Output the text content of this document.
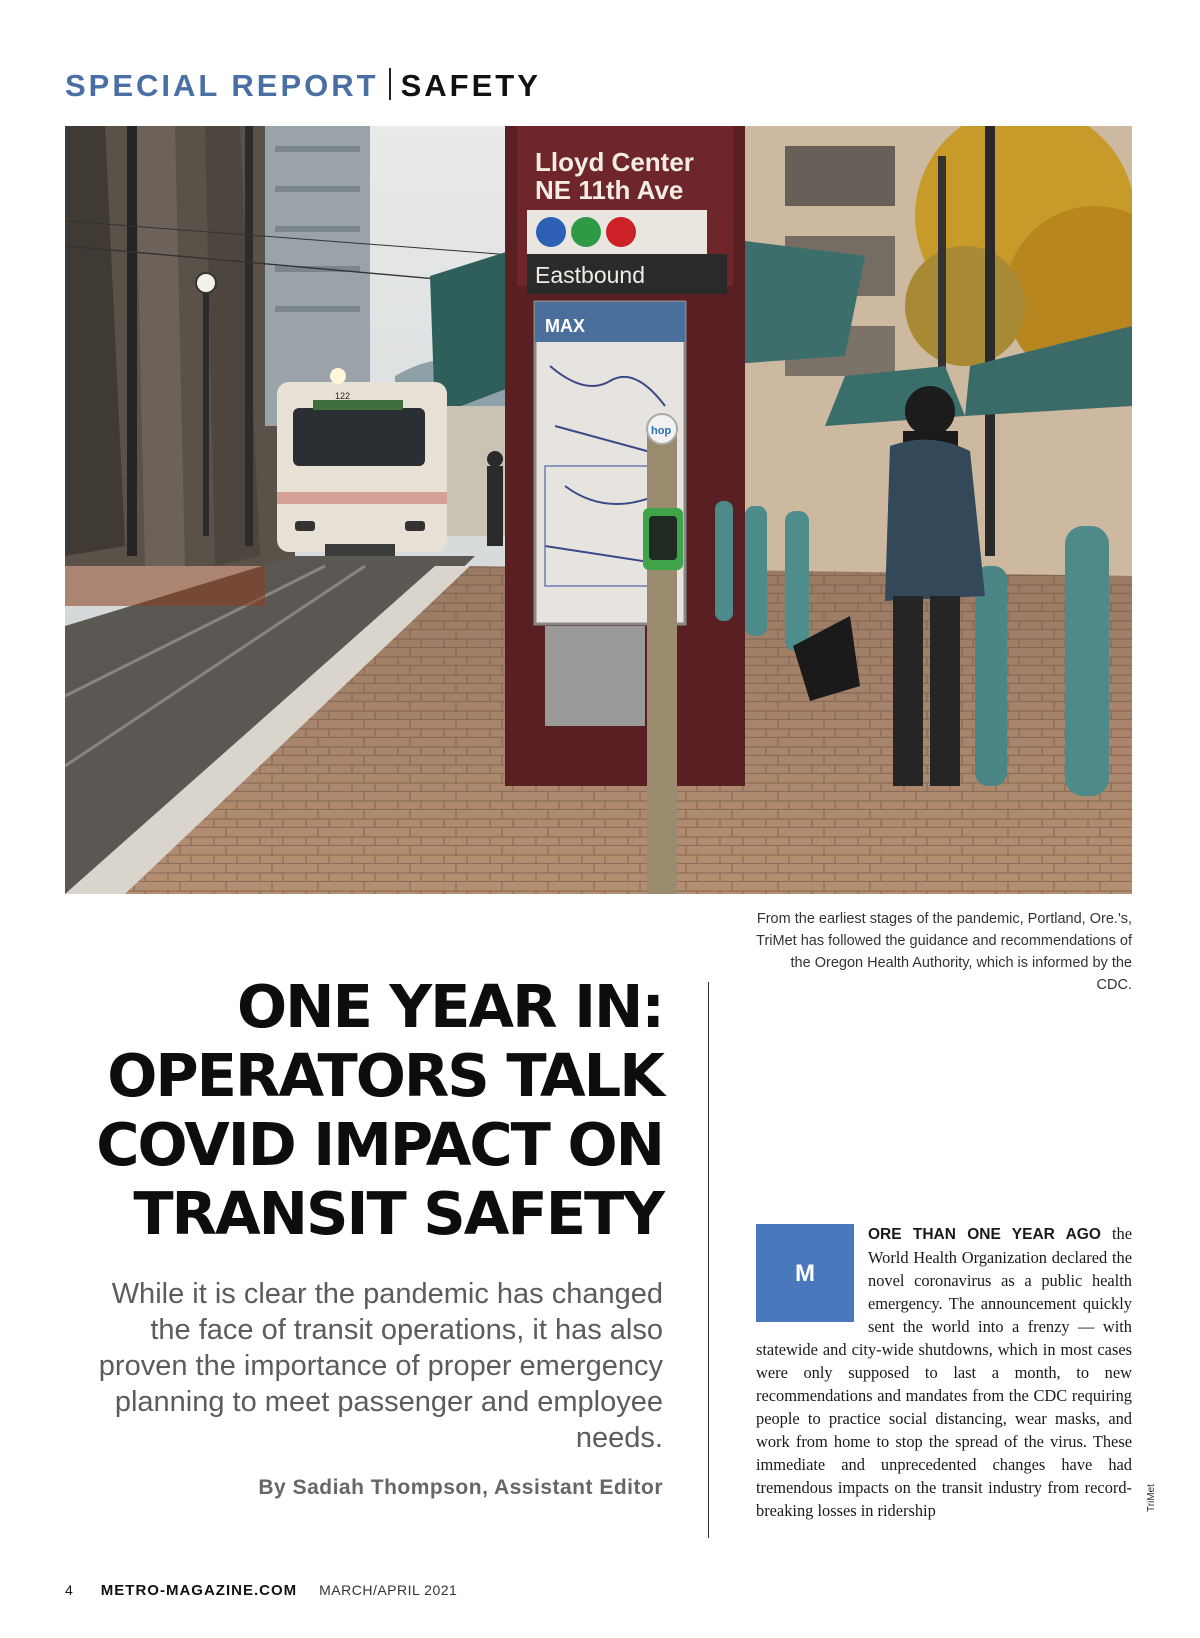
SPECIAL REPORT SAFETY
122
Lloyd Center
NE 11th Ave
Eastbound
MAX
hop
From the earliest stages of the pandemic, Portland, Ore.'s, TriMet has followed the guidance and recommendations of the Oregon Health Authority, which is informed by the CDC.
ONE YEAR IN:
OPERATORS TALK
COVID IMPACT ON
TRANSIT SAFETY
While it is clear the pandemic has changed the face of transit operations, it has also proven the importance of proper emergency planning to meet passenger and employee needs.
By Sadiah Thompson, Assistant Editor

M
ORE THAN ONE YEAR AGO the World Health Organization declared the novel coronavirus as a public health emergency. The announcement quickly sent the world into a frenzy — with statewide and city-wide shutdowns, which in most cases were only supposed to last a month, to new recommendations and mandates from the CDC requiring people to practice social distancing, wear masks, and work from home to stop the spread of the virus. These immediate and unprecedented changes have had tremendous impacts on the transit industry from record-breaking losses in ridership	TriMet
4 METRO-MAGAZINE.COM MARCH/APRIL 2021
